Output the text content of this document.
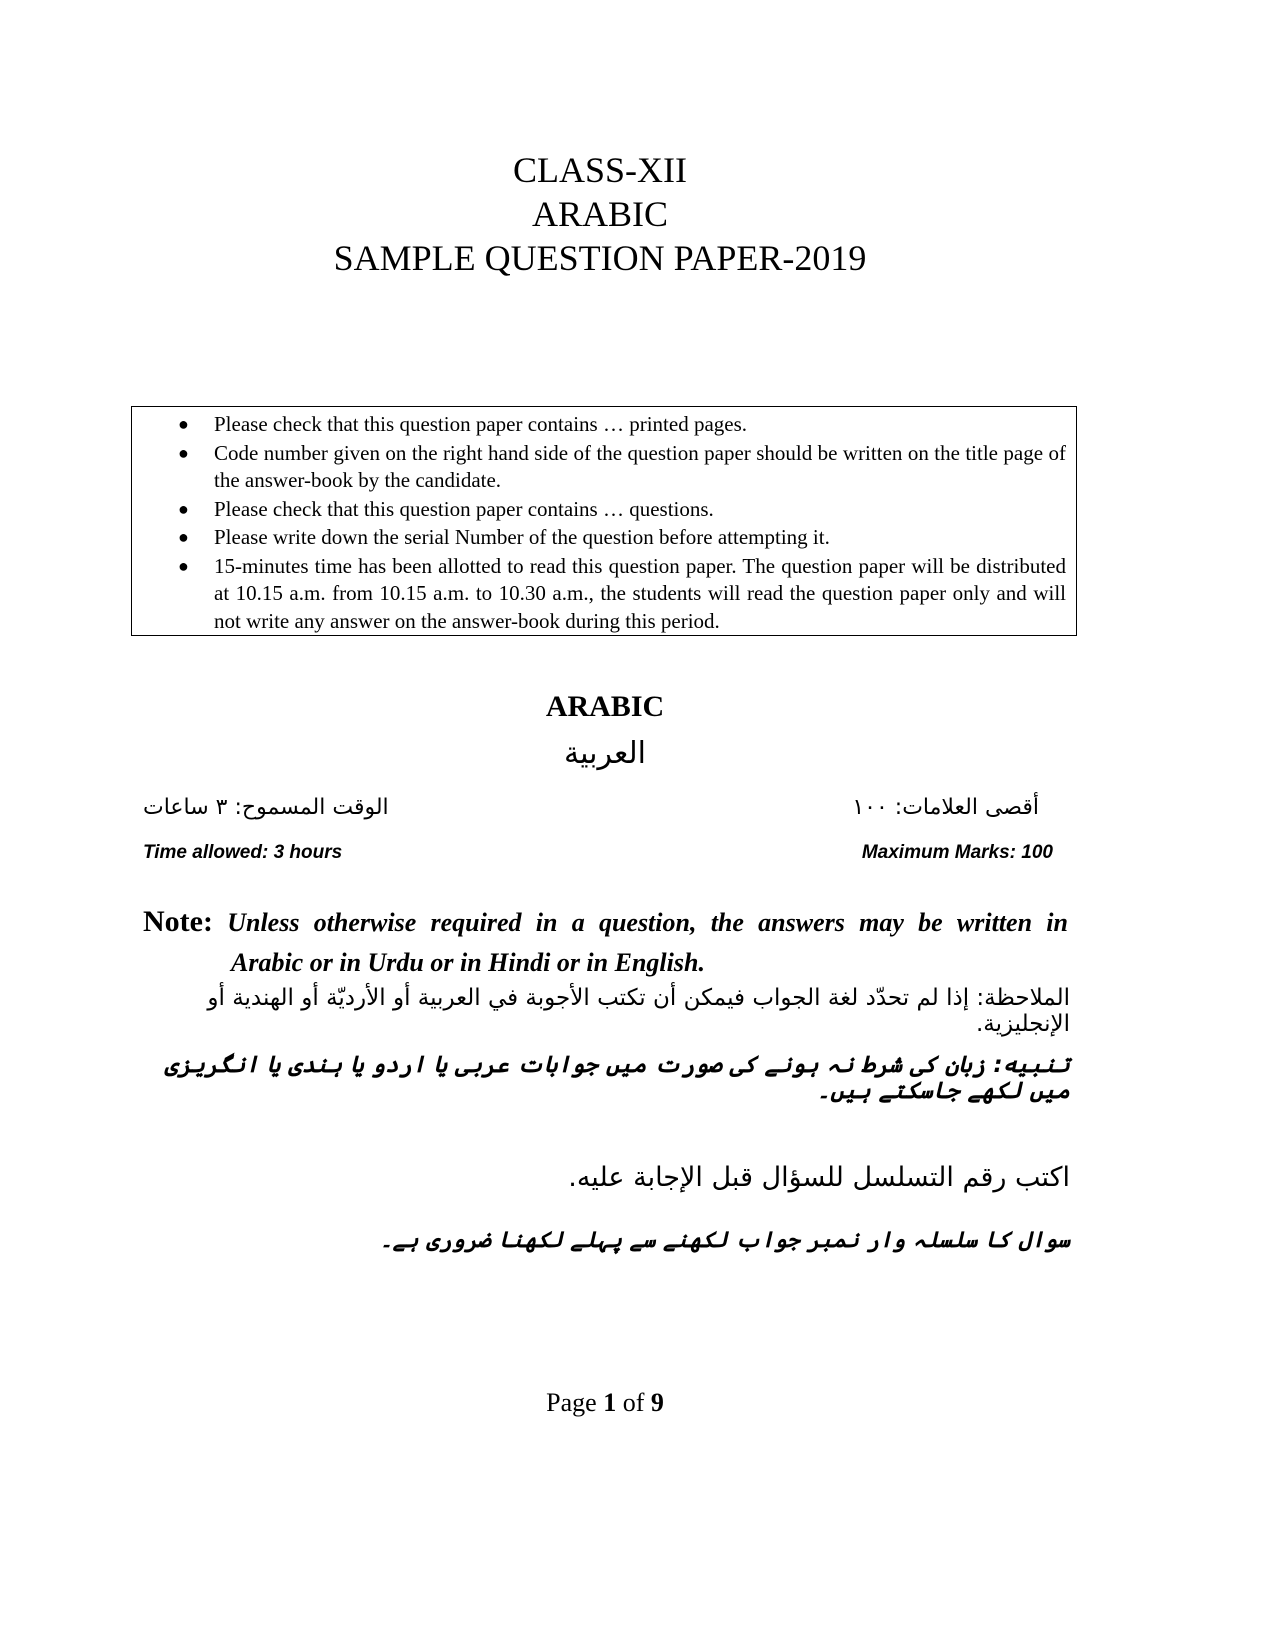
CLASS-XII
ARABIC
SAMPLE QUESTION PAPER-2019
● Please check that this question paper contains … printed pages.
● Code number given on the right hand side of the question paper should be written on the title page of the answer-book by the candidate.
● Please check that this question paper contains … questions.
● Please write down the serial Number of the question before attempting it.
● 15-minutes time has been allotted to read this question paper. The question paper will be distributed at 10.15 a.m. from 10.15 a.m. to 10.30 a.m., the students will read the question paper only and will not write any answer on the answer-book during this period.
ARABIC
العربية
الوقت المسموح: ٣ ساعات	أقصى العلامات: ١٠٠
Time allowed: 3 hours	Maximum Marks: 100
Note: Unless otherwise required in a question, the answers may be written in
Arabic or in Urdu or in Hindi or in English.
الملاحظة: إذا لم تحدّد لغة الجواب فيمكن أن تكتب الأجوبة في العربية أو الأرديّة أو الهندية أو الإنجليزية.
تنبیه: زبان کی شرط نہ ہونے کی صورت میں جوابات عربی یا اردو یا ہندی یا انگریزی میں لکھے جاسکتے ہیں۔
اكتب رقم التسلسل للسؤال قبل الإجابة عليه.
سوال کا سلسلہ وار نمبر جواب لکھنے سے پہلے لکھنا ضروری ہے۔
Page 1 of 9
